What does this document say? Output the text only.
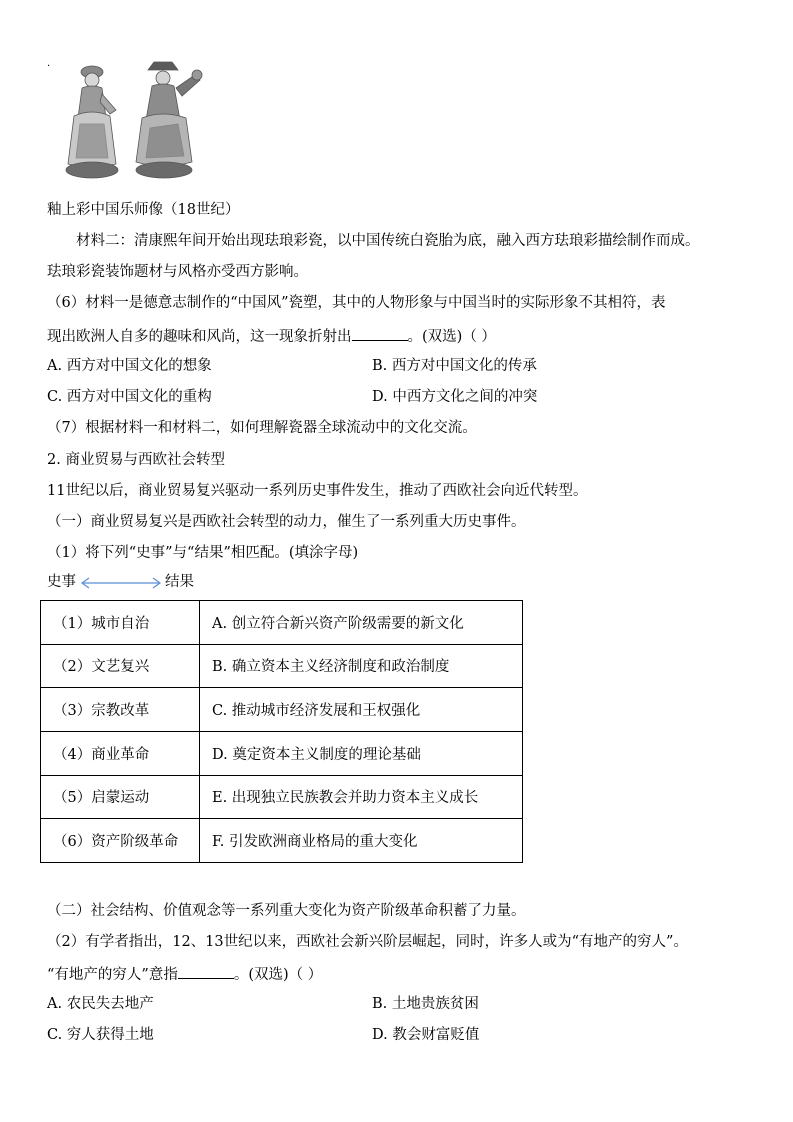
·
釉上彩中国乐师像（18世纪）
材料二：清康熙年间开始出现珐琅彩瓷，以中国传统白瓷胎为底，融入西方珐琅彩描绘制作而成。
珐琅彩瓷装饰题材与风格亦受西方影响。
（6）材料一是德意志制作的“中国风”瓷塑，其中的人物形象与中国当时的实际形象不其相符，表
现出欧洲人自多的趣味和风尚，这一现象折射出	。(双选)（ ）
A. 西方对中国文化的想象	B. 西方对中国文化的传承
C. 西方对中国文化的重构	D. 中西方文化之间的冲突
（7）根据材料一和材料二，如何理解瓷器全球流动中的文化交流。
2. 商业贸易与西欧社会转型
11世纪以后，商业贸易复兴驱动一系列历史事件发生，推动了西欧社会向近代转型。
（一）商业贸易复兴是西欧社会转型的动力，催生了一系列重大历史事件。
（1）将下列“史事”与“结果”相匹配。(填涂字母)
史事	结果
（1）城市自治	A. 创立符合新兴资产阶级需要的新文化
（2）文艺复兴	B. 确立资本主义经济制度和政治制度
（3）宗教改革	C. 推动城市经济发展和王权强化
（4）商业革命	D. 奠定资本主义制度的理论基础
（5）启蒙运动	E. 出现独立民族教会并助力资本主义成长
（6）资产阶级革命	F. 引发欧洲商业格局的重大变化
（二）社会结构、价值观念等一系列重大变化为资产阶级革命积蓄了力量。
（2）有学者指出，12、13世纪以来，西欧社会新兴阶层崛起，同时，许多人或为“有地产的穷人”。
“有地产的穷人”意指	。(双选)（ ）
A. 农民失去地产	B. 土地贵族贫困
C. 穷人获得土地	D. 教会财富贬值
